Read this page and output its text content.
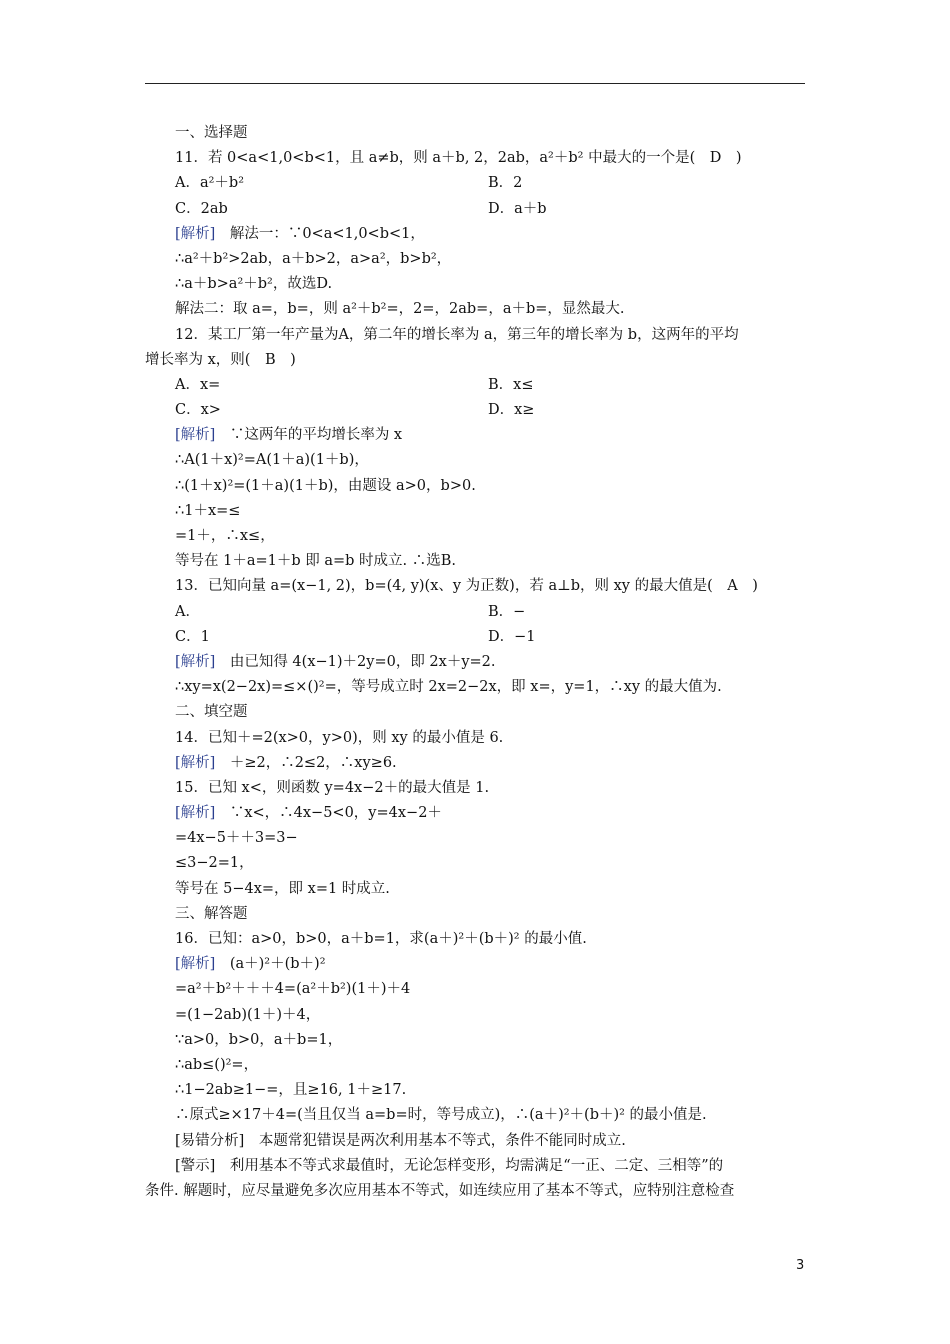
一、选择题
11．若 0<a<1,0<b<1，且 a≠b，则 a＋b, 2，2ab，a²＋b² 中最大的一个是(　D　)
A．a²＋b²	B．2
C．2ab	D．a＋b
[解析]　解法一：∵0<a<1,0<b<1，
∴a²＋b²>2ab，a＋b>2，a>a²，b>b²，
∴a＋b>a²＋b²，故选D.
解法二：取 a=，b=，则 a²＋b²=，2=，2ab=，a＋b=，显然最大.
12．某工厂第一年产量为A，第二年的增长率为 a，第三年的增长率为 b，这两年的平均
增长率为 x，则(　B　)
A．x=	B．x≤
C．x>	D．x≥
[解析]　∵这两年的平均增长率为 x
∴A(1＋x)²=A(1＋a)(1＋b)，
∴(1＋x)²=(1＋a)(1＋b)，由题设 a>0，b>0.
∴1＋x=≤
=1＋，∴x≤，
等号在 1＋a=1＋b 即 a=b 时成立. ∴选B.
13．已知向量 a=(x−1, 2)，b=(4, y)(x、y 为正数)，若 a⊥b，则 xy 的最大值是(　A　)
A．	B．−
C．1	D．−1
[解析]　由已知得 4(x−1)＋2y=0，即 2x＋y=2.
∴xy=x(2−2x)=≤×()²=，等号成立时 2x=2−2x，即 x=，y=1，∴xy 的最大值为.
二、填空题
14．已知＋=2(x>0，y>0)，则 xy 的最小值是 6.
[解析]　＋≥2，∴2≤2，∴xy≥6.
15．已知 x<，则函数 y=4x−2＋的最大值是 1.
[解析]　∵x<，∴4x−5<0，y=4x−2＋
=4x−5＋＋3=3−
≤3−2=1，
等号在 5−4x=，即 x=1 时成立.
三、解答题
16．已知：a>0，b>0，a＋b=1，求(a＋)²＋(b＋)² 的最小值.
[解析]　(a＋)²＋(b＋)²
=a²＋b²＋＋＋4=(a²＋b²)(1＋)＋4
=(1−2ab)(1＋)＋4，
∵a>0，b>0，a＋b=1，
∴ab≤()²=，
∴1−2ab≥1−=，且≥16, 1＋≥17.
∴原式≥×17＋4=(当且仅当 a=b=时，等号成立)，∴(a＋)²＋(b＋)² 的最小值是.
[易错分析]　本题常犯错误是两次利用基本不等式，条件不能同时成立.
[警示]　利用基本不等式求最值时，无论怎样变形，均需满足“一正、二定、三相等”的
条件. 解题时，应尽量避免多次应用基本不等式，如连续应用了基本不等式，应特别注意检查
3
